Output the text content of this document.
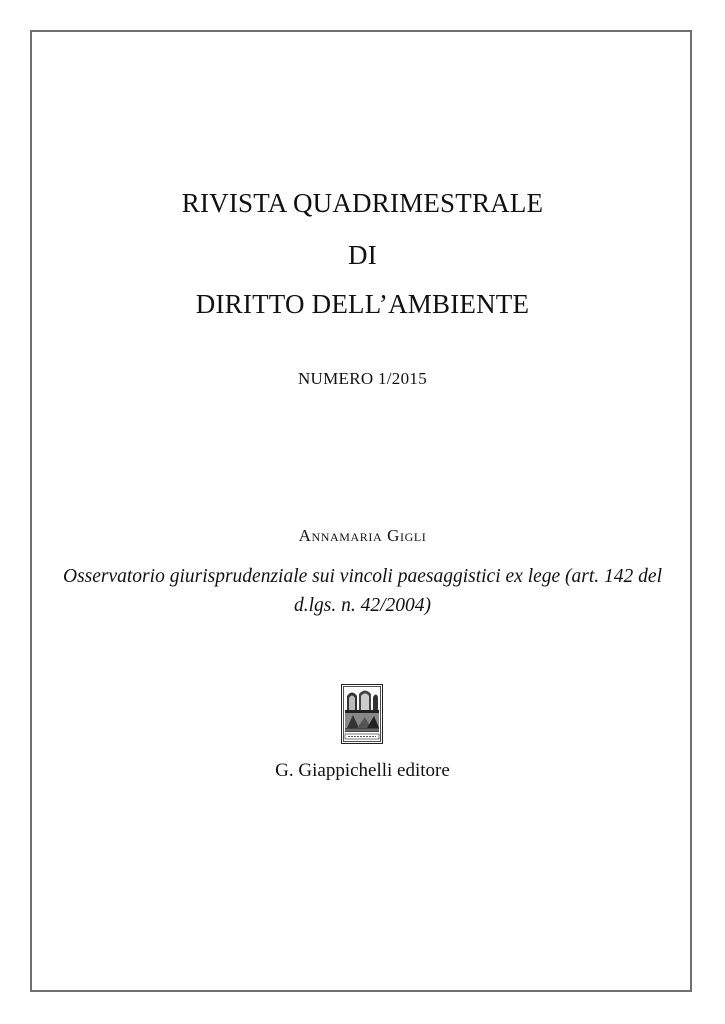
RIVISTA QUADRIMESTRALE
DI
DIRITTO DELL’AMBIENTE
NUMERO 1/2015
Annamaria Gigli
Osservatorio giurisprudenziale sui vincoli paesaggistici ex lege (art. 142 del d.lgs. n. 42/2004)
G. Giappichelli editore
